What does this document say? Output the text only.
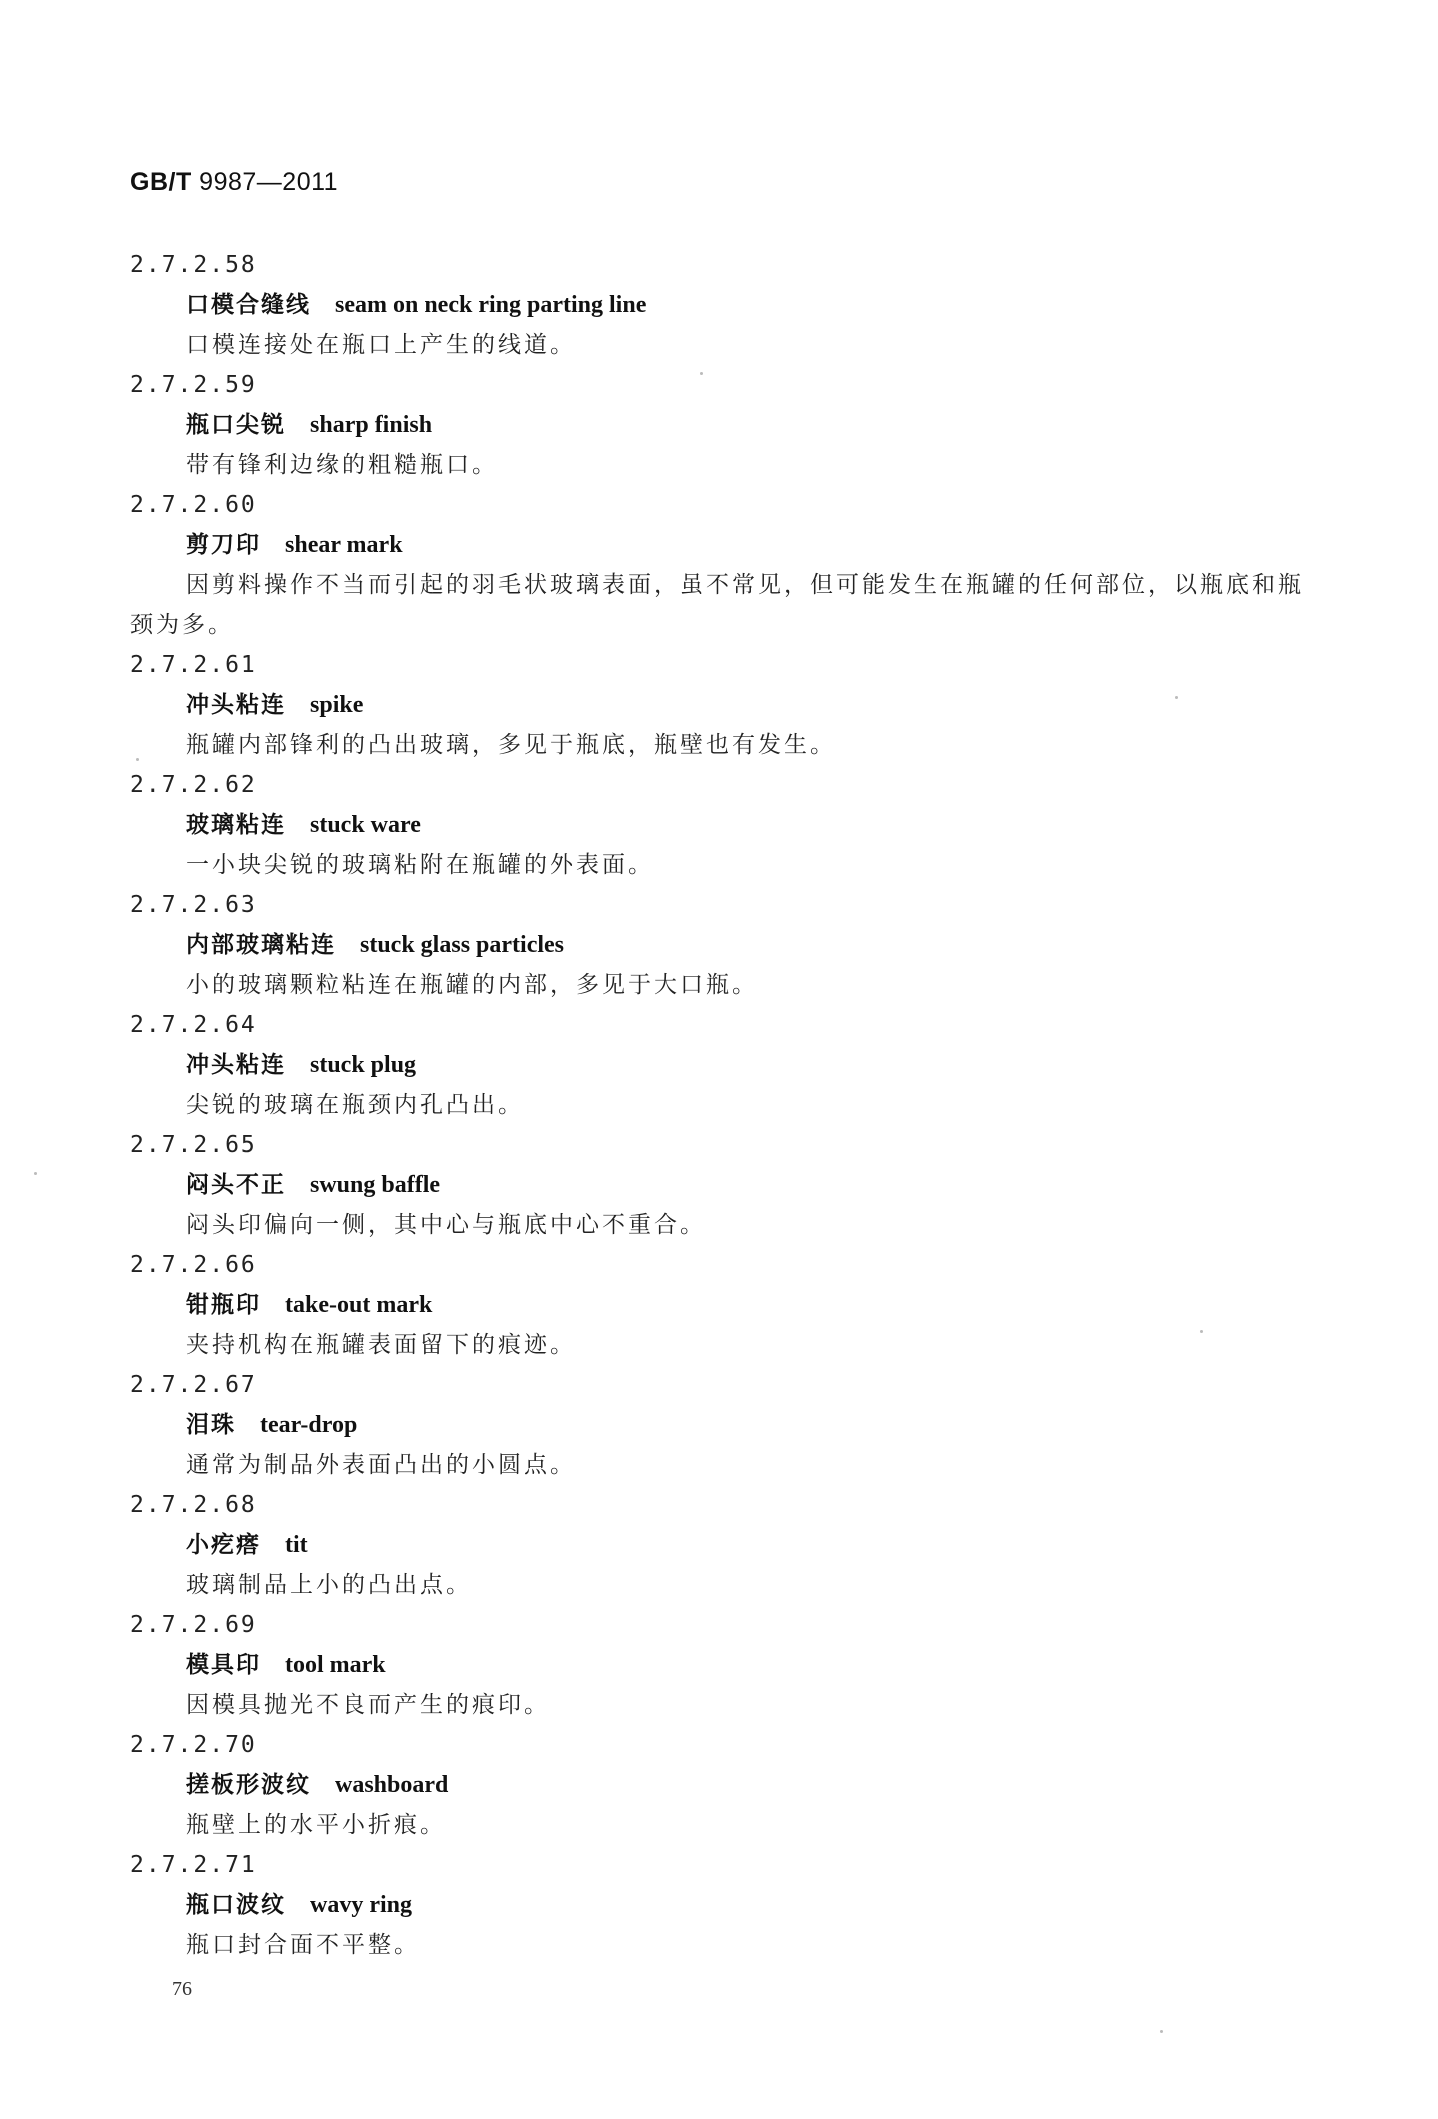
GB/T 9987—2011
2.7.2.58
口模合缝线 seam on neck ring parting line
口模连接处在瓶口上产生的线道。
2.7.2.59
瓶口尖锐 sharp finish
带有锋利边缘的粗糙瓶口。
2.7.2.60
剪刀印 shear mark
因剪料操作不当而引起的羽毛状玻璃表面，虽不常见，但可能发生在瓶罐的任何部位，以瓶底和瓶颈为多。
2.7.2.61
冲头粘连 spike
瓶罐内部锋利的凸出玻璃，多见于瓶底，瓶壁也有发生。
2.7.2.62
玻璃粘连 stuck ware
一小块尖锐的玻璃粘附在瓶罐的外表面。
2.7.2.63
内部玻璃粘连 stuck glass particles
小的玻璃颗粒粘连在瓶罐的内部，多见于大口瓶。
2.7.2.64
冲头粘连 stuck plug
尖锐的玻璃在瓶颈内孔凸出。
2.7.2.65
闷头不正 swung baffle
闷头印偏向一侧，其中心与瓶底中心不重合。
2.7.2.66
钳瓶印 take-out mark
夹持机构在瓶罐表面留下的痕迹。
2.7.2.67
泪珠 tear-drop
通常为制品外表面凸出的小圆点。
2.7.2.68
小疙瘩 tit
玻璃制品上小的凸出点。
2.7.2.69
模具印 tool mark
因模具抛光不良而产生的痕印。
2.7.2.70
搓板形波纹 washboard
瓶壁上的水平小折痕。
2.7.2.71
瓶口波纹 wavy ring
瓶口封合面不平整。
76
